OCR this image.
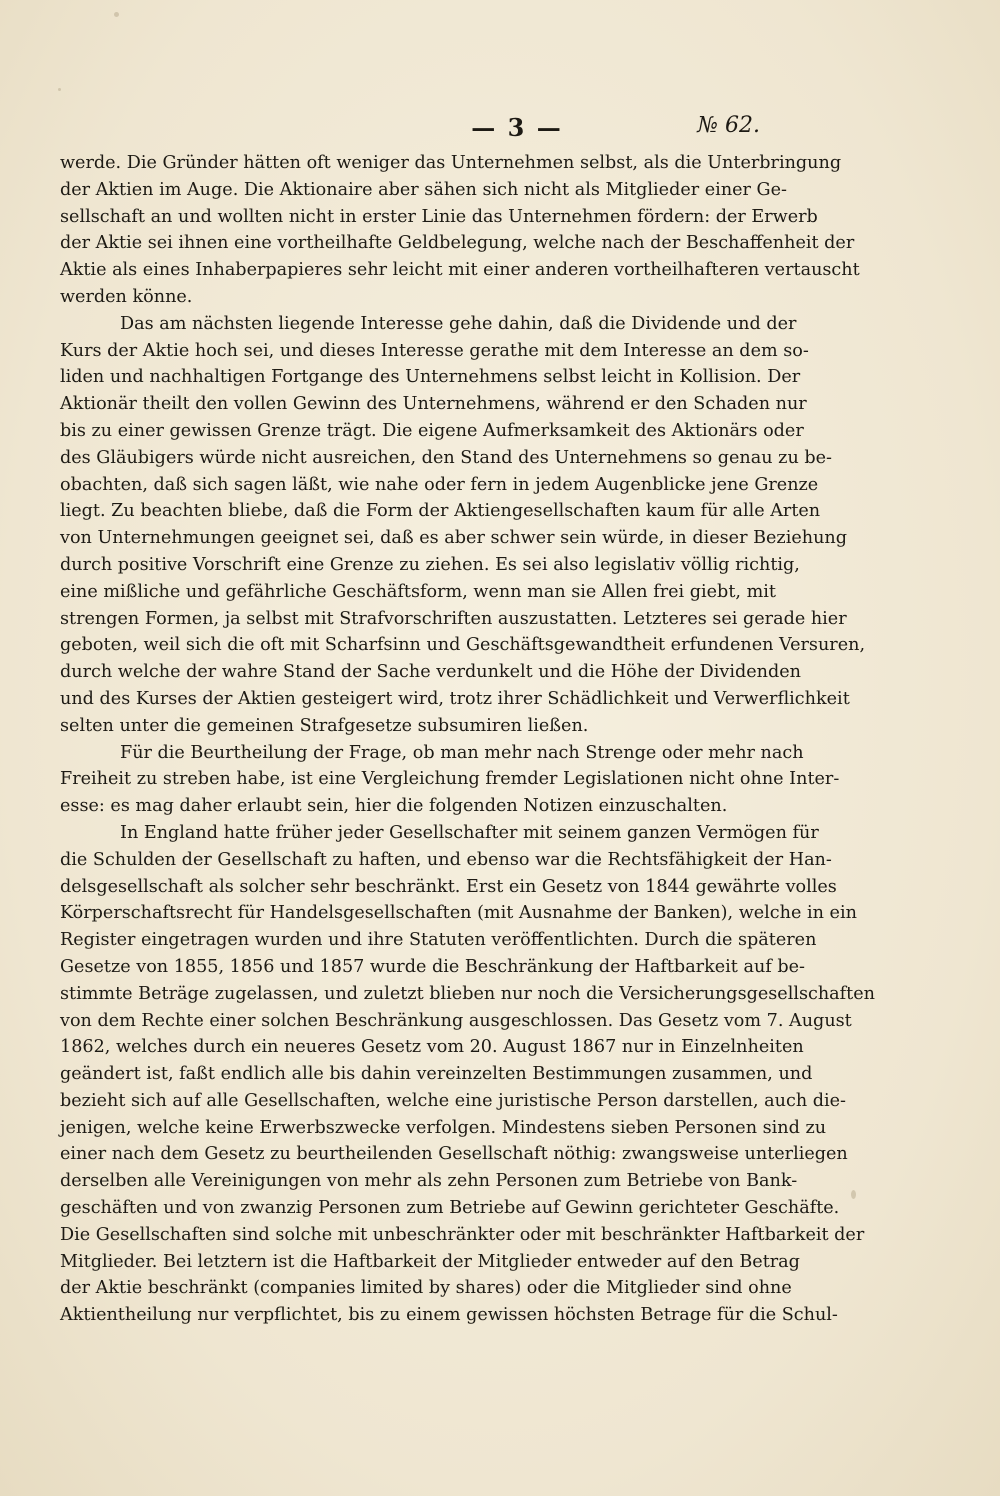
— 3 —	№ 62.
werde. Die Gründer hätten oft weniger das Unternehmen selbst, als die Unterbringung
der Aktien im Auge. Die Aktionaire aber sähen sich nicht als Mitglieder einer Ge-
sellschaft an und wollten nicht in erster Linie das Unternehmen fördern: der Erwerb
der Aktie sei ihnen eine vortheilhafte Geldbelegung, welche nach der Beschaffenheit der
Aktie als eines Inhaberpapieres sehr leicht mit einer anderen vortheilhafteren vertauscht
werden könne.
Das am nächsten liegende Interesse gehe dahin, daß die Dividende und der
Kurs der Aktie hoch sei, und dieses Interesse gerathe mit dem Interesse an dem so-
liden und nachhaltigen Fortgange des Unternehmens selbst leicht in Kollision. Der
Aktionär theilt den vollen Gewinn des Unternehmens, während er den Schaden nur
bis zu einer gewissen Grenze trägt. Die eigene Aufmerksamkeit des Aktionärs oder
des Gläubigers würde nicht ausreichen, den Stand des Unternehmens so genau zu be-
obachten, daß sich sagen läßt, wie nahe oder fern in jedem Augenblicke jene Grenze
liegt. Zu beachten bliebe, daß die Form der Aktiengesellschaften kaum für alle Arten
von Unternehmungen geeignet sei, daß es aber schwer sein würde, in dieser Beziehung
durch positive Vorschrift eine Grenze zu ziehen. Es sei also legislativ völlig richtig,
eine mißliche und gefährliche Geschäftsform, wenn man sie Allen frei giebt, mit
strengen Formen, ja selbst mit Strafvorschriften auszustatten. Letzteres sei gerade hier
geboten, weil sich die oft mit Scharfsinn und Geschäftsgewandtheit erfundenen Versuren,
durch welche der wahre Stand der Sache verdunkelt und die Höhe der Dividenden
und des Kurses der Aktien gesteigert wird, trotz ihrer Schädlichkeit und Verwerflichkeit
selten unter die gemeinen Strafgesetze subsumiren ließen.
Für die Beurtheilung der Frage, ob man mehr nach Strenge oder mehr nach
Freiheit zu streben habe, ist eine Vergleichung fremder Legislationen nicht ohne Inter-
esse: es mag daher erlaubt sein, hier die folgenden Notizen einzuschalten.
In England hatte früher jeder Gesellschafter mit seinem ganzen Vermögen für
die Schulden der Gesellschaft zu haften, und ebenso war die Rechtsfähigkeit der Han-
delsgesellschaft als solcher sehr beschränkt. Erst ein Gesetz von 1844 gewährte volles
Körperschaftsrecht für Handelsgesellschaften (mit Ausnahme der Banken), welche in ein
Register eingetragen wurden und ihre Statuten veröffentlichten. Durch die späteren
Gesetze von 1855, 1856 und 1857 wurde die Beschränkung der Haftbarkeit auf be-
stimmte Beträge zugelassen, und zuletzt blieben nur noch die Versicherungsgesellschaften
von dem Rechte einer solchen Beschränkung ausgeschlossen. Das Gesetz vom 7. August
1862, welches durch ein neueres Gesetz vom 20. August 1867 nur in Einzelnheiten
geändert ist, faßt endlich alle bis dahin vereinzelten Bestimmungen zusammen, und
bezieht sich auf alle Gesellschaften, welche eine juristische Person darstellen, auch die-
jenigen, welche keine Erwerbszwecke verfolgen. Mindestens sieben Personen sind zu
einer nach dem Gesetz zu beurtheilenden Gesellschaft nöthig: zwangsweise unterliegen
derselben alle Vereinigungen von mehr als zehn Personen zum Betriebe von Bank-
geschäften und von zwanzig Personen zum Betriebe auf Gewinn gerichteter Geschäfte.
Die Gesellschaften sind solche mit unbeschränkter oder mit beschränkter Haftbarkeit der
Mitglieder. Bei letztern ist die Haftbarkeit der Mitglieder entweder auf den Betrag
der Aktie beschränkt (companies limited by shares) oder die Mitglieder sind ohne
Aktientheilung nur verpflichtet, bis zu einem gewissen höchsten Betrage für die Schul-
